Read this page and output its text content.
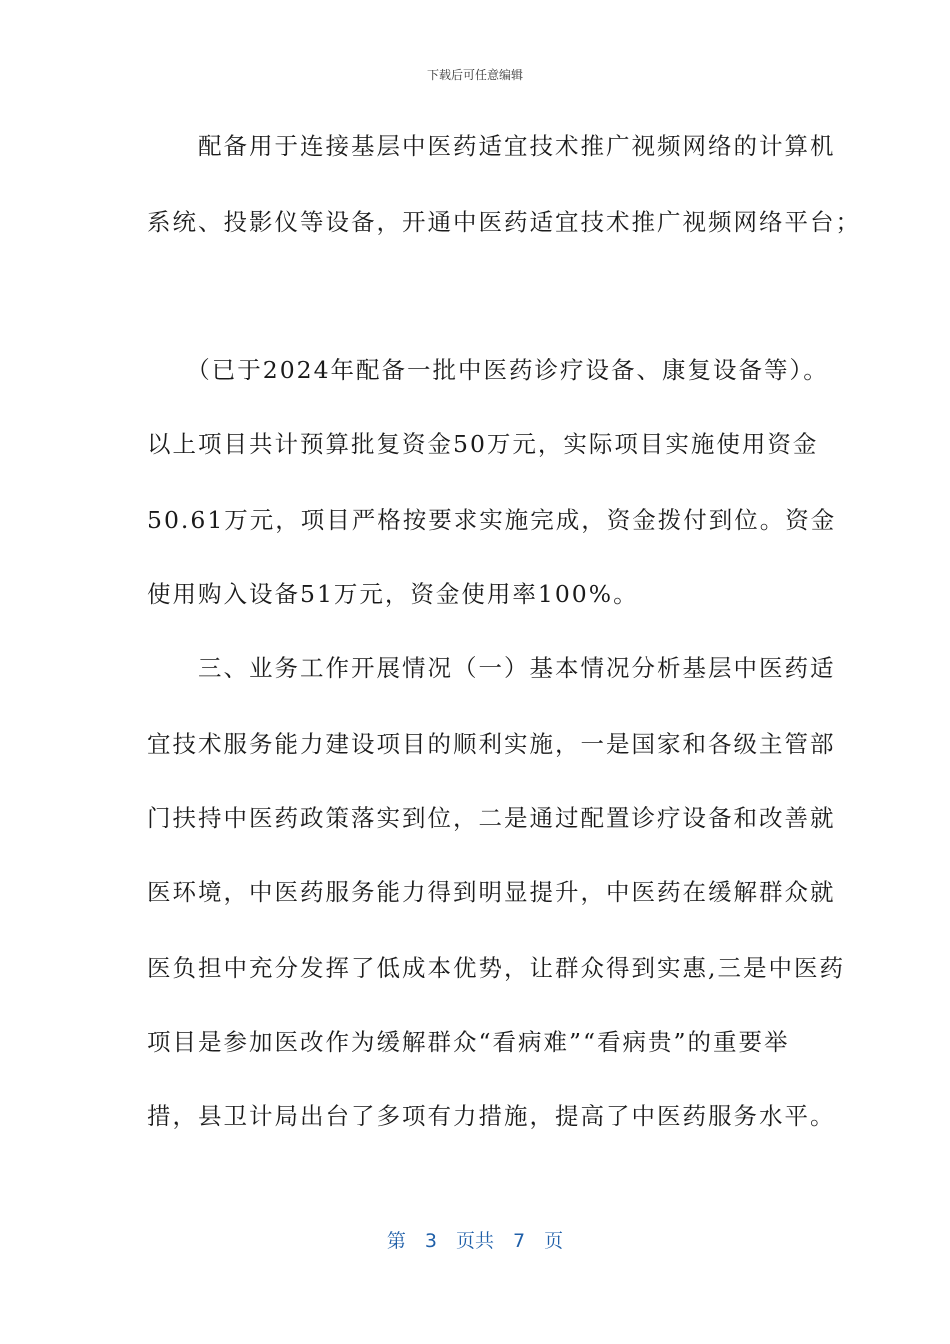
下载后可任意编辑
　　配备用于连接基层中医药适宜技术推广视频网络的计算机
系统、投影仪等设备，开通中医药适宜技术推广视频网络平台；
　　（已于2024年配备一批中医药诊疗设备、康复设备等）。
以上项目共计预算批复资金50万元，实际项目实施使用资金
50.61万元，项目严格按要求实施完成，资金拨付到位。资金
使用购入设备51万元，资金使用率100%。
　　三、业务工作开展情况（一）基本情况分析基层中医药适
宜技术服务能力建设项目的顺利实施，一是国家和各级主管部
门扶持中医药政策落实到位，二是通过配置诊疗设备和改善就
医环境，中医药服务能力得到明显提升，中医药在缓解群众就
医负担中充分发挥了低成本优势，让群众得到实惠,三是中医药
项目是参加医改作为缓解群众“看病难”“看病贵”的重要举
措，县卫计局出台了多项有力措施，提高了中医药服务水平。
第　3　页共　7　页
